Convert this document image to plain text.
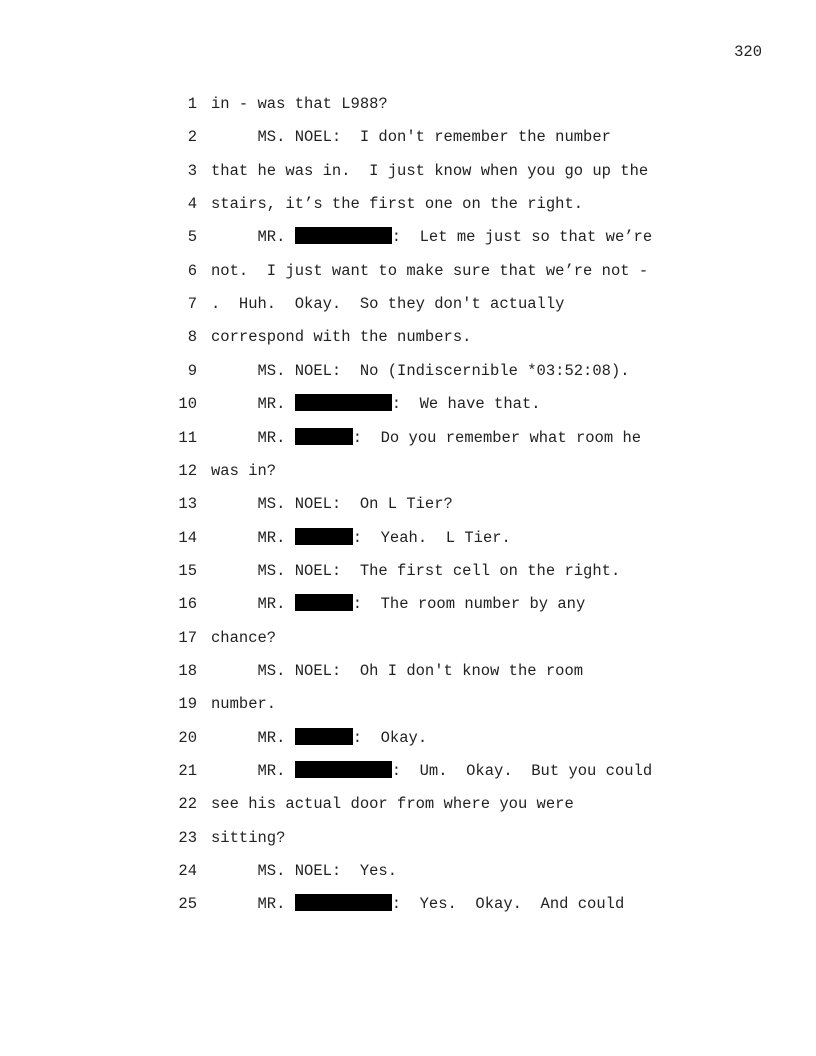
320
1 in - was that L988?
2 MS. NOEL:  I don't remember the number
3 that he was in.  I just know when you go up the
4 stairs, it’s the first one on the right.
5 MR.	:  Let me just so that we’re
6 not.  I just want to make sure that we’re not -
7 .  Huh.  Okay.  So they don't actually
8 correspond with the numbers.
9 MS. NOEL:  No (Indiscernible *03:52:08).
10 MR.	:  We have that.
11 MR.	:  Do you remember what room he
12 was in?
13 MS. NOEL:  On L Tier?
14 MR.	:  Yeah.  L Tier.
15 MS. NOEL:  The first cell on the right.
16 MR.	:  The room number by any
17 chance?
18 MS. NOEL:  Oh I don't know the room
19 number.
20 MR.	:  Okay.
21 MR.	:  Um.  Okay.  But you could
22 see his actual door from where you were
23 sitting?
24 MS. NOEL:  Yes.
25 MR.	:  Yes.  Okay.  And could
